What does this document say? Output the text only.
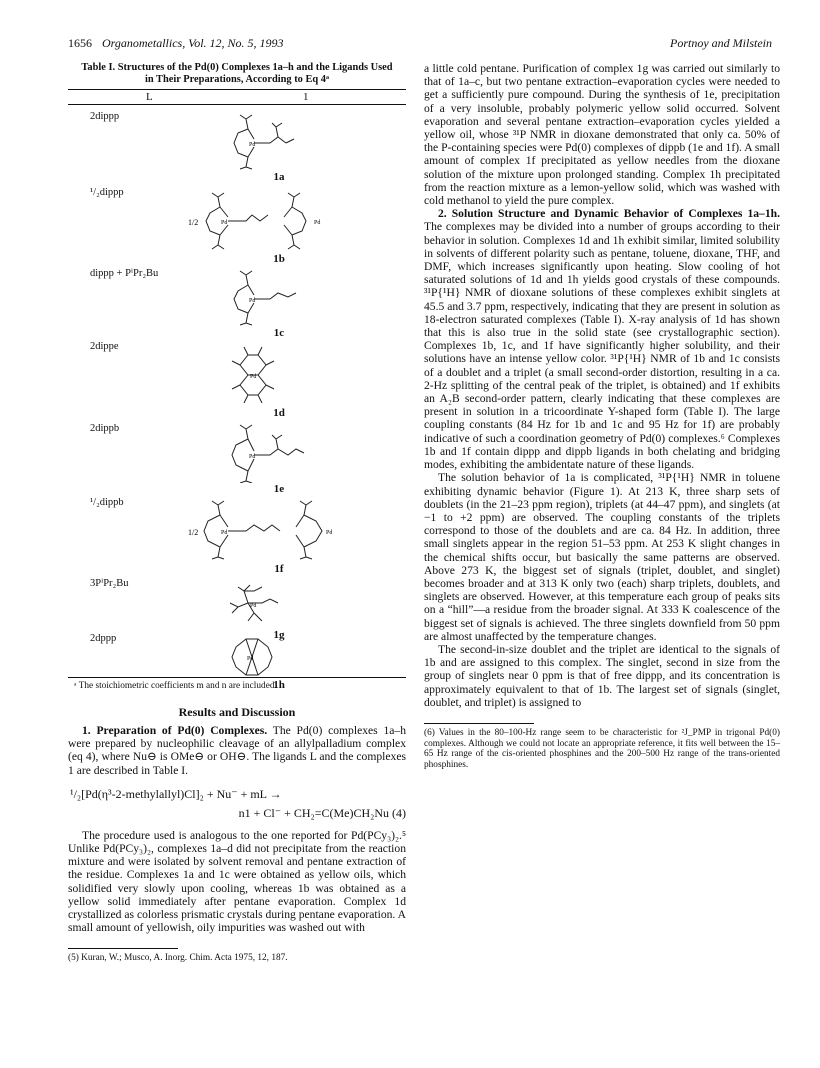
1656 Organometallics, Vol. 12, No. 5, 1993	Portnoy and Milstein
Table I. Structures of the Pd(0) Complexes 1a–h and the Ligands Used in Their Preparations, According to Eq 4ᵃ
L	1
2dippp
Pd
1a
¹/₂dippp
1/2	Pd	Pd
1b
dippp + PⁱPr₂Bu
Pd
1c
2dippe
Pd
1d
2dippb
Pd
1e
¹/₂dippb
1/2	Pd	Pd
1f
3PⁱPr₂Bu
Pd
1g
2dppp
Pd
1h
ᵃ The stoichiometric coefficients m and n are included.
Results and Discussion

1. Preparation of Pd(0) Complexes. The Pd(0) complexes 1a–h were prepared by nucleophilic cleavage of an allylpalladium complex (eq 4), where Nu⊖ is OMe⊖ or OH⊖. The ligands L and the complexes 1 are described in Table I.

¹/₂[Pd(η³-2-methylallyl)Cl]₂ + Nu⁻ + mL →
n1 + Cl⁻ + CH₂=C(Me)CH₂Nu (4)

The procedure used is analogous to the one reported for Pd(PCy₃)₂.⁵ Unlike Pd(PCy₃)₂, complexes 1a–d did not precipitate from the reaction mixture and were isolated by solvent removal and pentane extraction of the residue. Complexes 1a and 1c were obtained as yellow oils, which solidified very slowly upon cooling, whereas 1b was obtained as a yellow solid immediately after pentane evaporation. Complex 1d crystallized as colorless prismatic crystals during pentane evaporation. A small amount of yellowish, oily impurities was washed out with

(5) Kuran, W.; Musco, A. Inorg. Chim. Acta 1975, 12, 187.

a little cold pentane. Purification of complex 1g was carried out similarly to that of 1a–c, but two pentane extraction–evaporation cycles were needed to get a sufficiently pure compound. During the synthesis of 1e, precipitation of a very insoluble, probably polymeric yellow solid occurred. Solvent evaporation and several pentane extraction–evaporation cycles yielded a yellow oil, whose ³¹P NMR in dioxane demonstrated that only ca. 50% of the P-containing species were Pd(0) complexes of dippb (1e and 1f). A small amount of complex 1f precipitated as yellow needles from the dioxane solution of the mixture upon prolonged standing. Complex 1h precipitated from the reaction mixture as a lemon-yellow solid, which was washed with cold methanol to yield the pure complex.

2. Solution Structure and Dynamic Behavior of Complexes 1a–1h. The complexes may be divided into a number of groups according to their behavior in solution. Complexes 1d and 1h exhibit similar, limited solubility in solvents of different polarity such as pentane, toluene, dioxane, THF, and DMF, which increases significantly upon heating. Slow cooling of hot saturated solutions of 1d and 1h yields good crystals of these compounds. ³¹P{¹H} NMR of dioxane solutions of these complexes exhibit singlets at 45.5 and 3.7 ppm, respectively, indicating that they are present in solution as 18-electron saturated complexes (Table I). X-ray analysis of 1d has shown that this is also true in the solid state (see crystallographic section). Complexes 1b, 1c, and 1f have significantly higher solubility, and their solutions have an intense yellow color. ³¹P{¹H} NMR of 1b and 1c consists of a doublet and a triplet (a small second-order distortion, resulting in a ca. 2-Hz splitting of the central peak of the triplet, is obtained) and 1f exhibits an A₂B second-order pattern, clearly indicating that these complexes are present in solution in a tricoordinate Y-shaped form (Table I). The large coupling constants (84 Hz for 1b and 1c and 95 Hz for 1f) are probably indicative of such a coordination geometry of Pd(0) complexes.⁶ Complexes 1b and 1f contain dippp and dippb ligands in both chelating and bridging modes, exhibiting the ambidentate nature of these ligands.

The solution behavior of 1a is complicated, ³¹P{¹H} NMR in toluene exhibiting dynamic behavior (Figure 1). At 213 K, three sharp sets of doublets (in the 21–23 ppm region), triplets (at 44–47 ppm), and singlets (at −1 to +2 ppm) are observed. The coupling constants of the triplets correspond to those of the doublets and are ca. 84 Hz. In addition, three small singlets appear in the region 51–53 ppm. At 253 K slight changes in the chemical shifts occur, but basically the same patterns are observed. Above 273 K, the biggest set of signals (triplet, doublet, and singlet) becomes broader and at 313 K only two (each) sharp triplets, doublets, and singlets are observed. However, at this temperature each group of peaks sits on a “hill”—a residue from the broader signal. At 333 K coalescence of the biggest set of signals is achieved. The three singlets downfield from 50 ppm are almost unaffected by the temperature changes.

The second-in-size doublet and the triplet are identical to the signals of 1b and are assigned to this complex. The singlet, second in size from the group of singlets near 0 ppm is that of free dippp, and its concentration is approximately equivalent to that of 1b. The largest set of signals (singlet, doublet, and triplet) is assigned to

(6) Values in the 80–100-Hz range seem to be characteristic for ²J_PMP in trigonal Pd(0) complexes. Although we could not locate an appropriate reference, it fits well between the 15–65 Hz range of the cis-oriented phosphines and the 200–500 Hz range of the trans-oriented phosphines.
